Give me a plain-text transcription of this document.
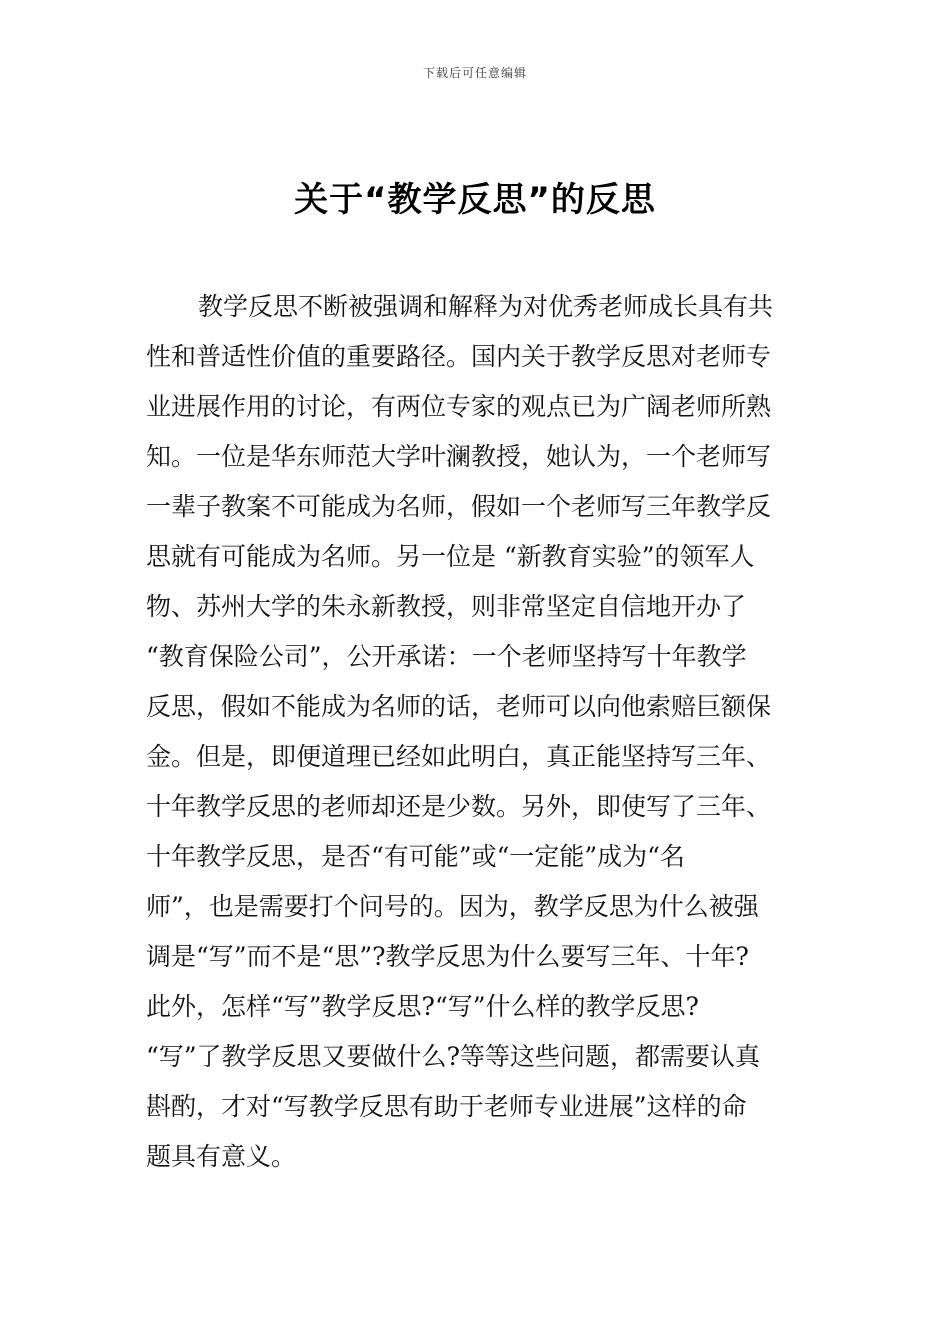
下载后可任意编辑
关于“教学反思”的反思
教学反思不断被强调和解释为对优秀老师成长具有共
性和普适性价值的重要路径。国内关于教学反思对老师专
业进展作用的讨论，有两位专家的观点已为广阔老师所熟
知。一位是华东师范大学叶澜教授，她认为，一个老师写
一辈子教案不可能成为名师，假如一个老师写三年教学反
思就有可能成为名师。另一位是 “新教育实验”的领军人
物、苏州大学的朱永新教授，则非常坚定自信地开办了
“教育保险公司”，公开承诺：一个老师坚持写十年教学
反思，假如不能成为名师的话，老师可以向他索赔巨额保
金。但是，即便道理已经如此明白，真正能坚持写三年、
十年教学反思的老师却还是少数。另外，即使写了三年、
十年教学反思，是否“有可能”或“一定能”成为“名
师”，也是需要打个问号的。因为，教学反思为什么被强
调是“写”而不是“思”?教学反思为什么要写三年、十年?
此外，怎样“写”教学反思?“写”什么样的教学反思?
“写”了教学反思又要做什么?等等这些问题，都需要认真
斟酌，才对“写教学反思有助于老师专业进展”这样的命
题具有意义。
